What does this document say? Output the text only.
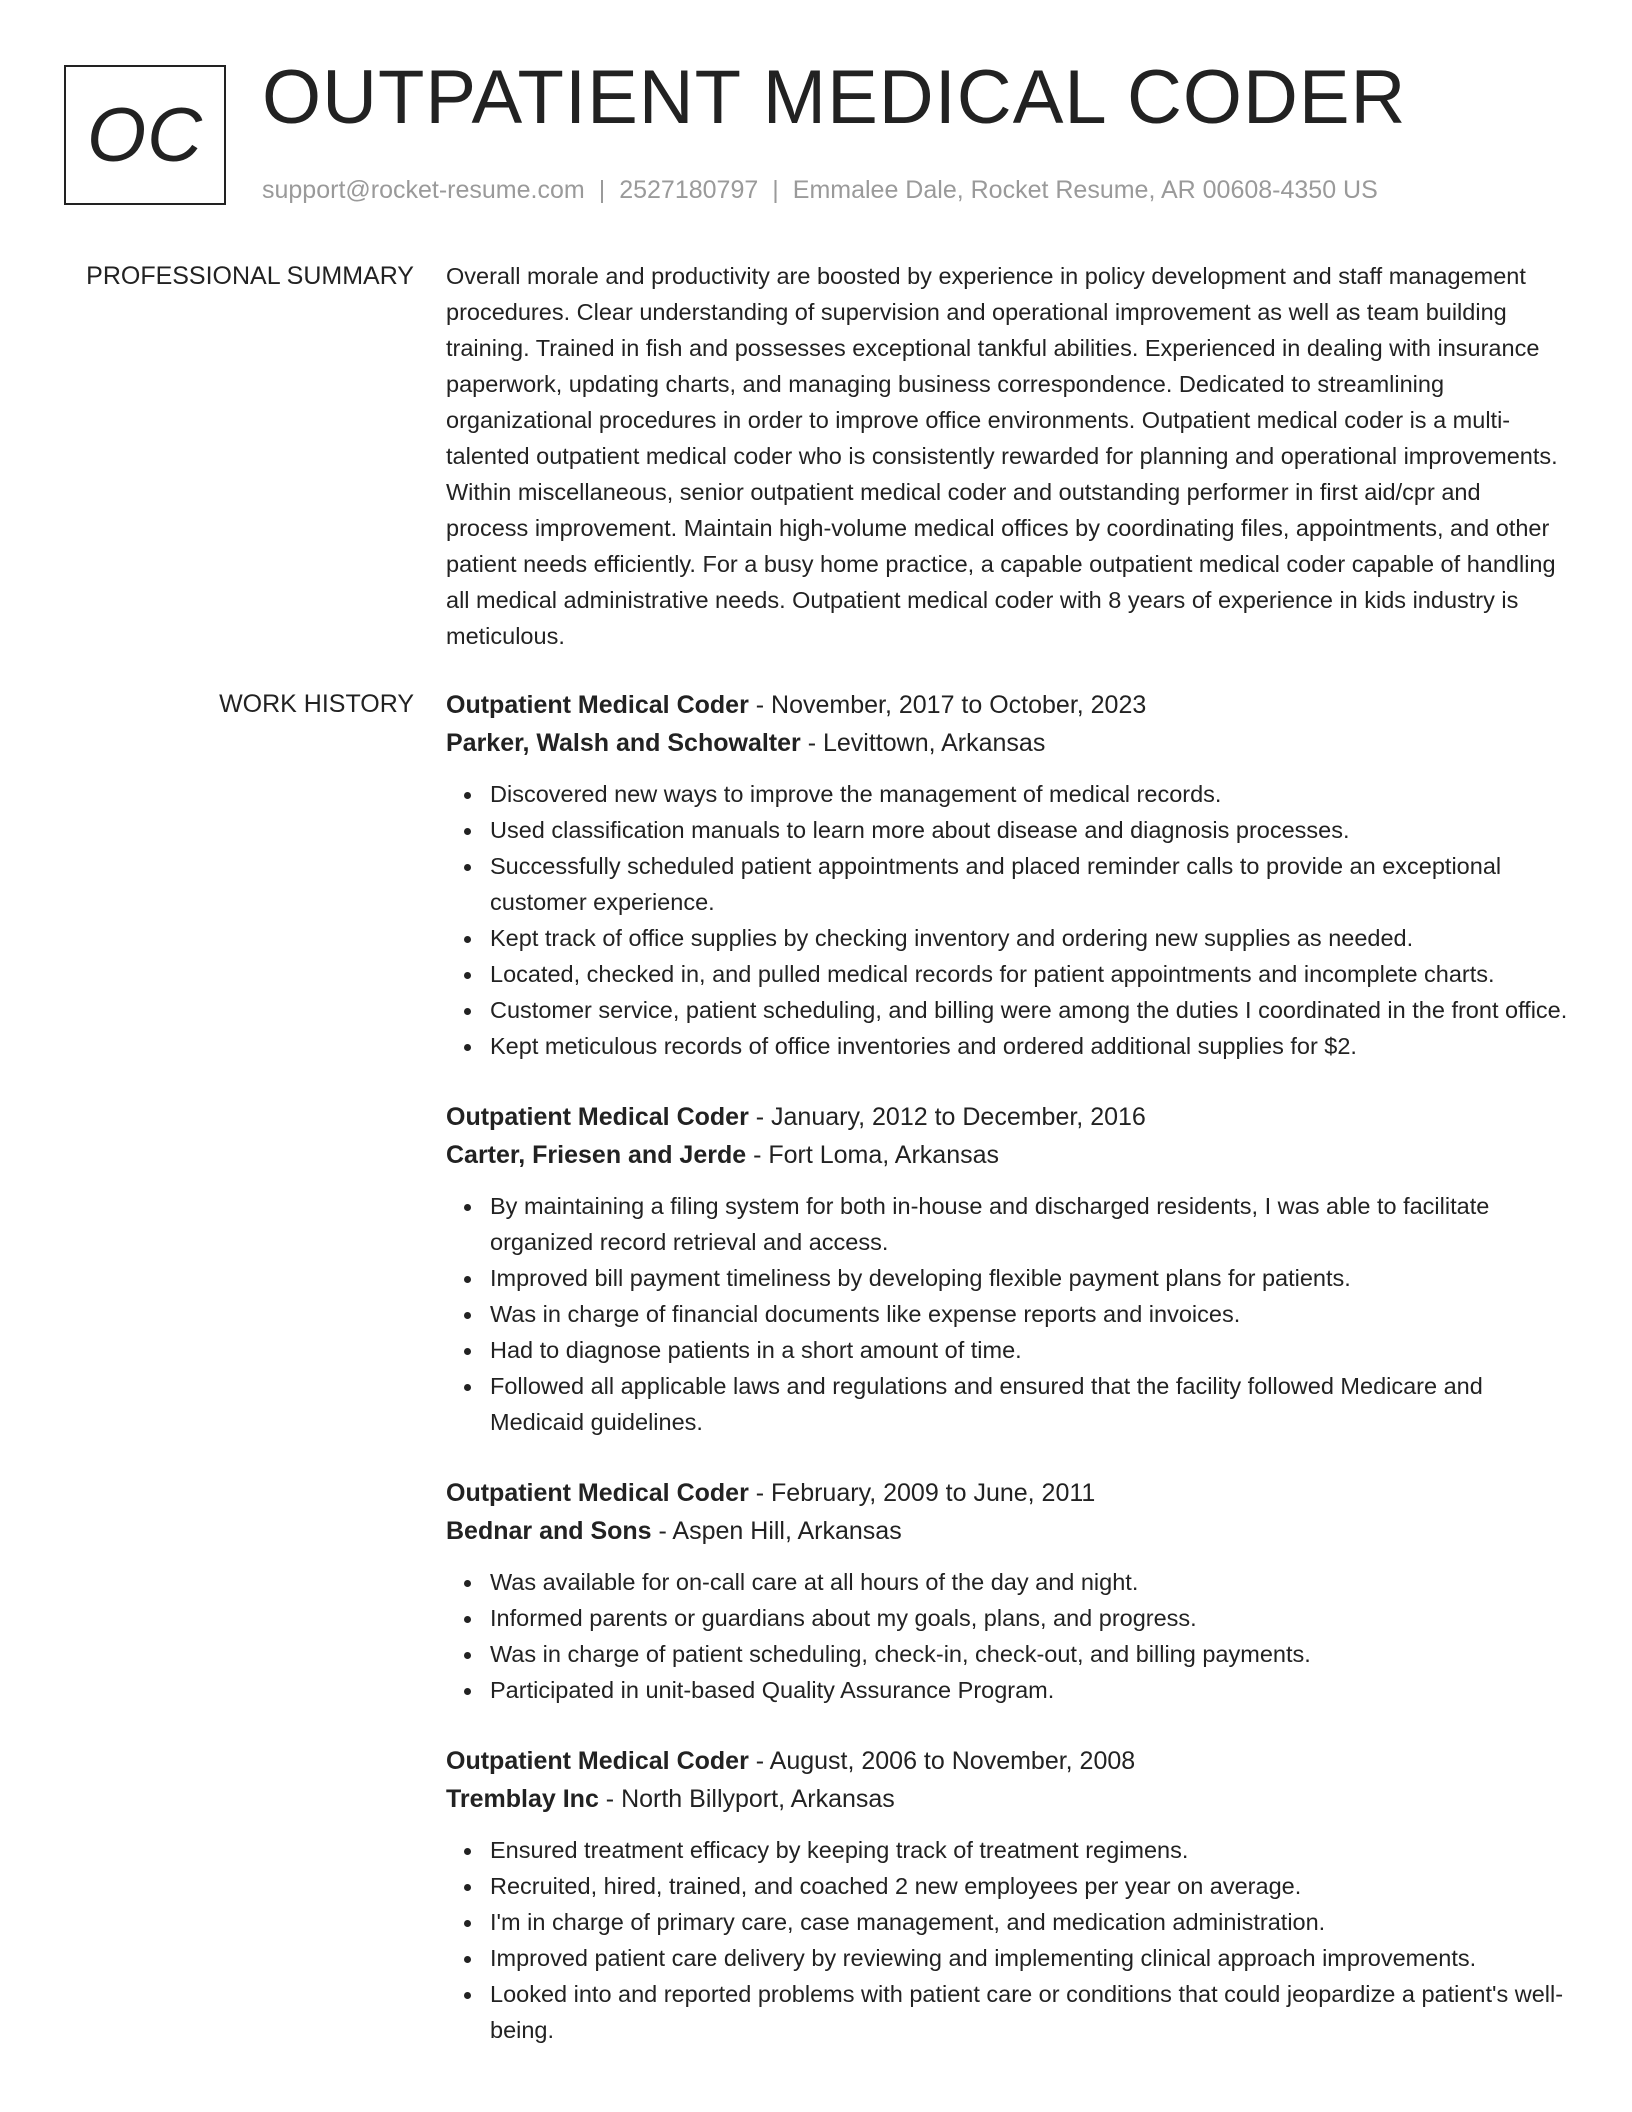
OC OUTPATIENT MEDICAL CODER
support@rocket-resume.com | 2527180797 | Emmalee Dale, Rocket Resume, AR 00608-4350 US
PROFESSIONAL SUMMARY Overall morale and productivity are boosted by experience in policy development and staff management procedures. Clear understanding of supervision and operational improvement as well as team building training. Trained in fish and possesses exceptional tankful abilities. Experienced in dealing with insurance paperwork, updating charts, and managing business correspondence. Dedicated to streamlining organizational procedures in order to improve office environments. Outpatient medical coder is a multi-talented outpatient medical coder who is consistently rewarded for planning and operational improvements. Within miscellaneous, senior outpatient medical coder and outstanding performer in first aid/cpr and process improvement. Maintain high-volume medical offices by coordinating files, appointments, and other patient needs efficiently. For a busy home practice, a capable outpatient medical coder capable of handling all medical administrative needs. Outpatient medical coder with 8 years of experience in kids industry is meticulous.

WORK HISTORY Outpatient Medical Coder - November, 2017 to October, 2023
Parker, Walsh and Schowalter - Levittown, Arkansas
Discovered new ways to improve the management of medical records.
Used classification manuals to learn more about disease and diagnosis processes.
Successfully scheduled patient appointments and placed reminder calls to provide an exceptional customer experience.
Kept track of office supplies by checking inventory and ordering new supplies as needed.
Located, checked in, and pulled medical records for patient appointments and incomplete charts.
Customer service, patient scheduling, and billing were among the duties I coordinated in the front office.
Kept meticulous records of office inventories and ordered additional supplies for $2.
Outpatient Medical Coder - January, 2012 to December, 2016
Carter, Friesen and Jerde - Fort Loma, Arkansas
By maintaining a filing system for both in-house and discharged residents, I was able to facilitate organized record retrieval and access.
Improved bill payment timeliness by developing flexible payment plans for patients.
Was in charge of financial documents like expense reports and invoices.
Had to diagnose patients in a short amount of time.
Followed all applicable laws and regulations and ensured that the facility followed Medicare and Medicaid guidelines.
Outpatient Medical Coder - February, 2009 to June, 2011
Bednar and Sons - Aspen Hill, Arkansas
Was available for on-call care at all hours of the day and night.
Informed parents or guardians about my goals, plans, and progress.
Was in charge of patient scheduling, check-in, check-out, and billing payments.
Participated in unit-based Quality Assurance Program.
Outpatient Medical Coder - August, 2006 to November, 2008
Tremblay Inc - North Billyport, Arkansas
Ensured treatment efficacy by keeping track of treatment regimens.
Recruited, hired, trained, and coached 2 new employees per year on average.
I'm in charge of primary care, case management, and medication administration.
Improved patient care delivery by reviewing and implementing clinical approach improvements.
Looked into and reported problems with patient care or conditions that could jeopardize a patient's well-being.
